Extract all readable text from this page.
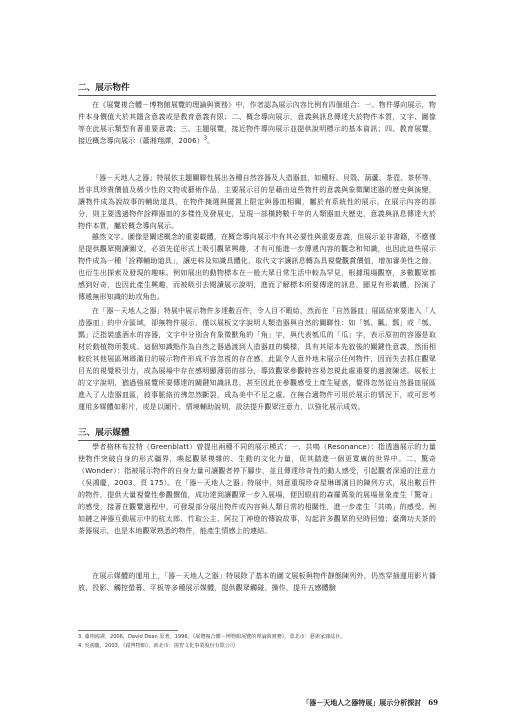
二、展示物件

在《展覽複合體－博物館展覽的理論與實務》中，作者認為展示內容比例有四個組合：一、物件導向展示，物件本身價值大於其隱含意義或是教育意義有限；二、概念導向展示，意義與訊息傳達大於物件本質，文字、圖像等在此展示類型有著重要意義；三、主題展覽，接近物件導向展示並提供說明標示的基本資訊；四、教育展覽，接近概念導向展示（蕭湘翔譯，2006）$^3$。

「器－天地人之器」特展依主題關聯性展出各種自然容器及人造器皿，如種籽、貝殼、葫蘆、茶壺、茶杯等，皆非具珍貴價值及稀少性的文物或藝術作品，主要展示目的是藉由這些物件的意義與象徵闡述器的歷史與演變，讓物件成為說故事的輔助道具，在物件揀選與擺置上限定與器皿相關，屬於有系統性的展示。在展示內容的部分，則主要透過物件詮釋器皿的多樣性及發展史，呈現一部橫跨數千年的人類器皿大歷史，意義與訊息傳達大於物件本質，屬於概念導向展示。

雖然文字、圖像是闡述概念的重要載體，在概念導向展示中有其必要性與重要意義，但展示並非書籍，不應僅是提供觀眾閱讀圖文，必須先從形式上吸引觀眾興趣，才有可能進一步傳遞內容的觀念和知識，也因此這些展示物件成為一種「詮釋輔助道具」，讓史料及知識具體化，取代文字讓訊息轉為具視覺觀賞價值，增加審美性之餘，也衍生出探索及發現的趣味。例如展出的動物標本在一般大眾日常生活中較為罕見，根據現場觀察，多數觀眾都感到好奇，也因此產生興趣，而被吸引去閱讀展示說明，進而了解標本所要傳達的訊息，顯見有形載體，扮演了傳遞無形知識的助攻角色。

在「器－天地人之器」特展中展示物件多達數百件，令人目不暇給，然而在「自然器皿」展區結束要進入「人造器皿」的中介區域，卻無物件展示，僅以展板文字說明人類造器與自然的關聯性：如「瓠、瓤、瓢」或「瓠、瓢」泛指裝盛酒水的容器，文字中分別含有象徵獸角的「角」字，與代表瓠瓜的「瓜」字，表示原初的容器是取材於動植物所製成。這個知識點作為自然之器過渡到人造器皿的橋樑，具有其原本先敘後的關鍵性意義，然而相較於其他展區琳瑯滿目的展示物件形成不容忽視的存在感，此區令人意外地未展示任何物件，因而失去抓住觀眾目光的視覺吸引力，成為展場中存在感明顯薄弱的部分，導致觀眾參觀時容易忽視此處重要的過渡陳述。展板上的文字說明，猶過強展覽所要傳達的關鍵知識訊息，甚至因此在參觀感受上產生疑惑，覺得忽然從自然器皿展區進入了人造器皿區，敘事脈絡彷彿忽然斷裂，成為美中不足之處。在無合適物件可用於展示的情況下，或可思考運用多媒體如影片，或是以圖片、情境輔助說明，設法提升觀眾注意力，以強化展示成效。

三、展示媒體

學者格林布拉特（Greenblatt）曾提出兩種不同的展示模式：一、共鳴（Resonance）：指透過展示的力量使物件突破自身的形式疆界，喚起觀眾複雜的、生動的文化力量，促其踏進一個更寬廣的世界中。二、驚奇（Wonder）：指被展示物件的自身力量可讓觀者停下腳步，並且傳達珍奇性的動人感受，引起觀者深遠的注意力（吳鴻慶，2003，頁 175）。在「器－天地人之器」特展中，刻意重現珍奇屋琳瑯滿目的陳列方式，展出數百件的物件，提供大量視覺性參觀價值，成功達到讓觀眾一步入展場，便因眼前的森羅萬象的展場景象產生「驚奇」的感受，接著在觀覽過程中，可發現部分展出物件或內容與人類日常的相關性，進一步產生「共鳴」的感受。例如鏈之神器互動展示中的杭太郎、竹取公主、阿拉丁神燈的傳說故事，勾起許多觀眾的兒時回憶；臺灣功夫茶的茶器展示，也是本地觀眾熟悉的物件，能產生情感上的連結。

在展示媒體的運用上，「器－天地人之器」特展除了基本的圖文展板與物件靜態陳列外，仍然穿插運用影片播放、投影、觸控螢幕、平板等多種展示媒體，提供觀眾觸碰、操作，提升五感體驗

3. 蕭翔鴻譯，2006，David Dean 原著，1996。《展覽複合體－博物館展覽的理論與實務》。臺北市：藝術家雜誌社。

4. 吳鴻慶，2003，《錯博物館》。新北市：揚智文化事業股份有限公司

「器－天地人之器特展」展示分析探討　 69
